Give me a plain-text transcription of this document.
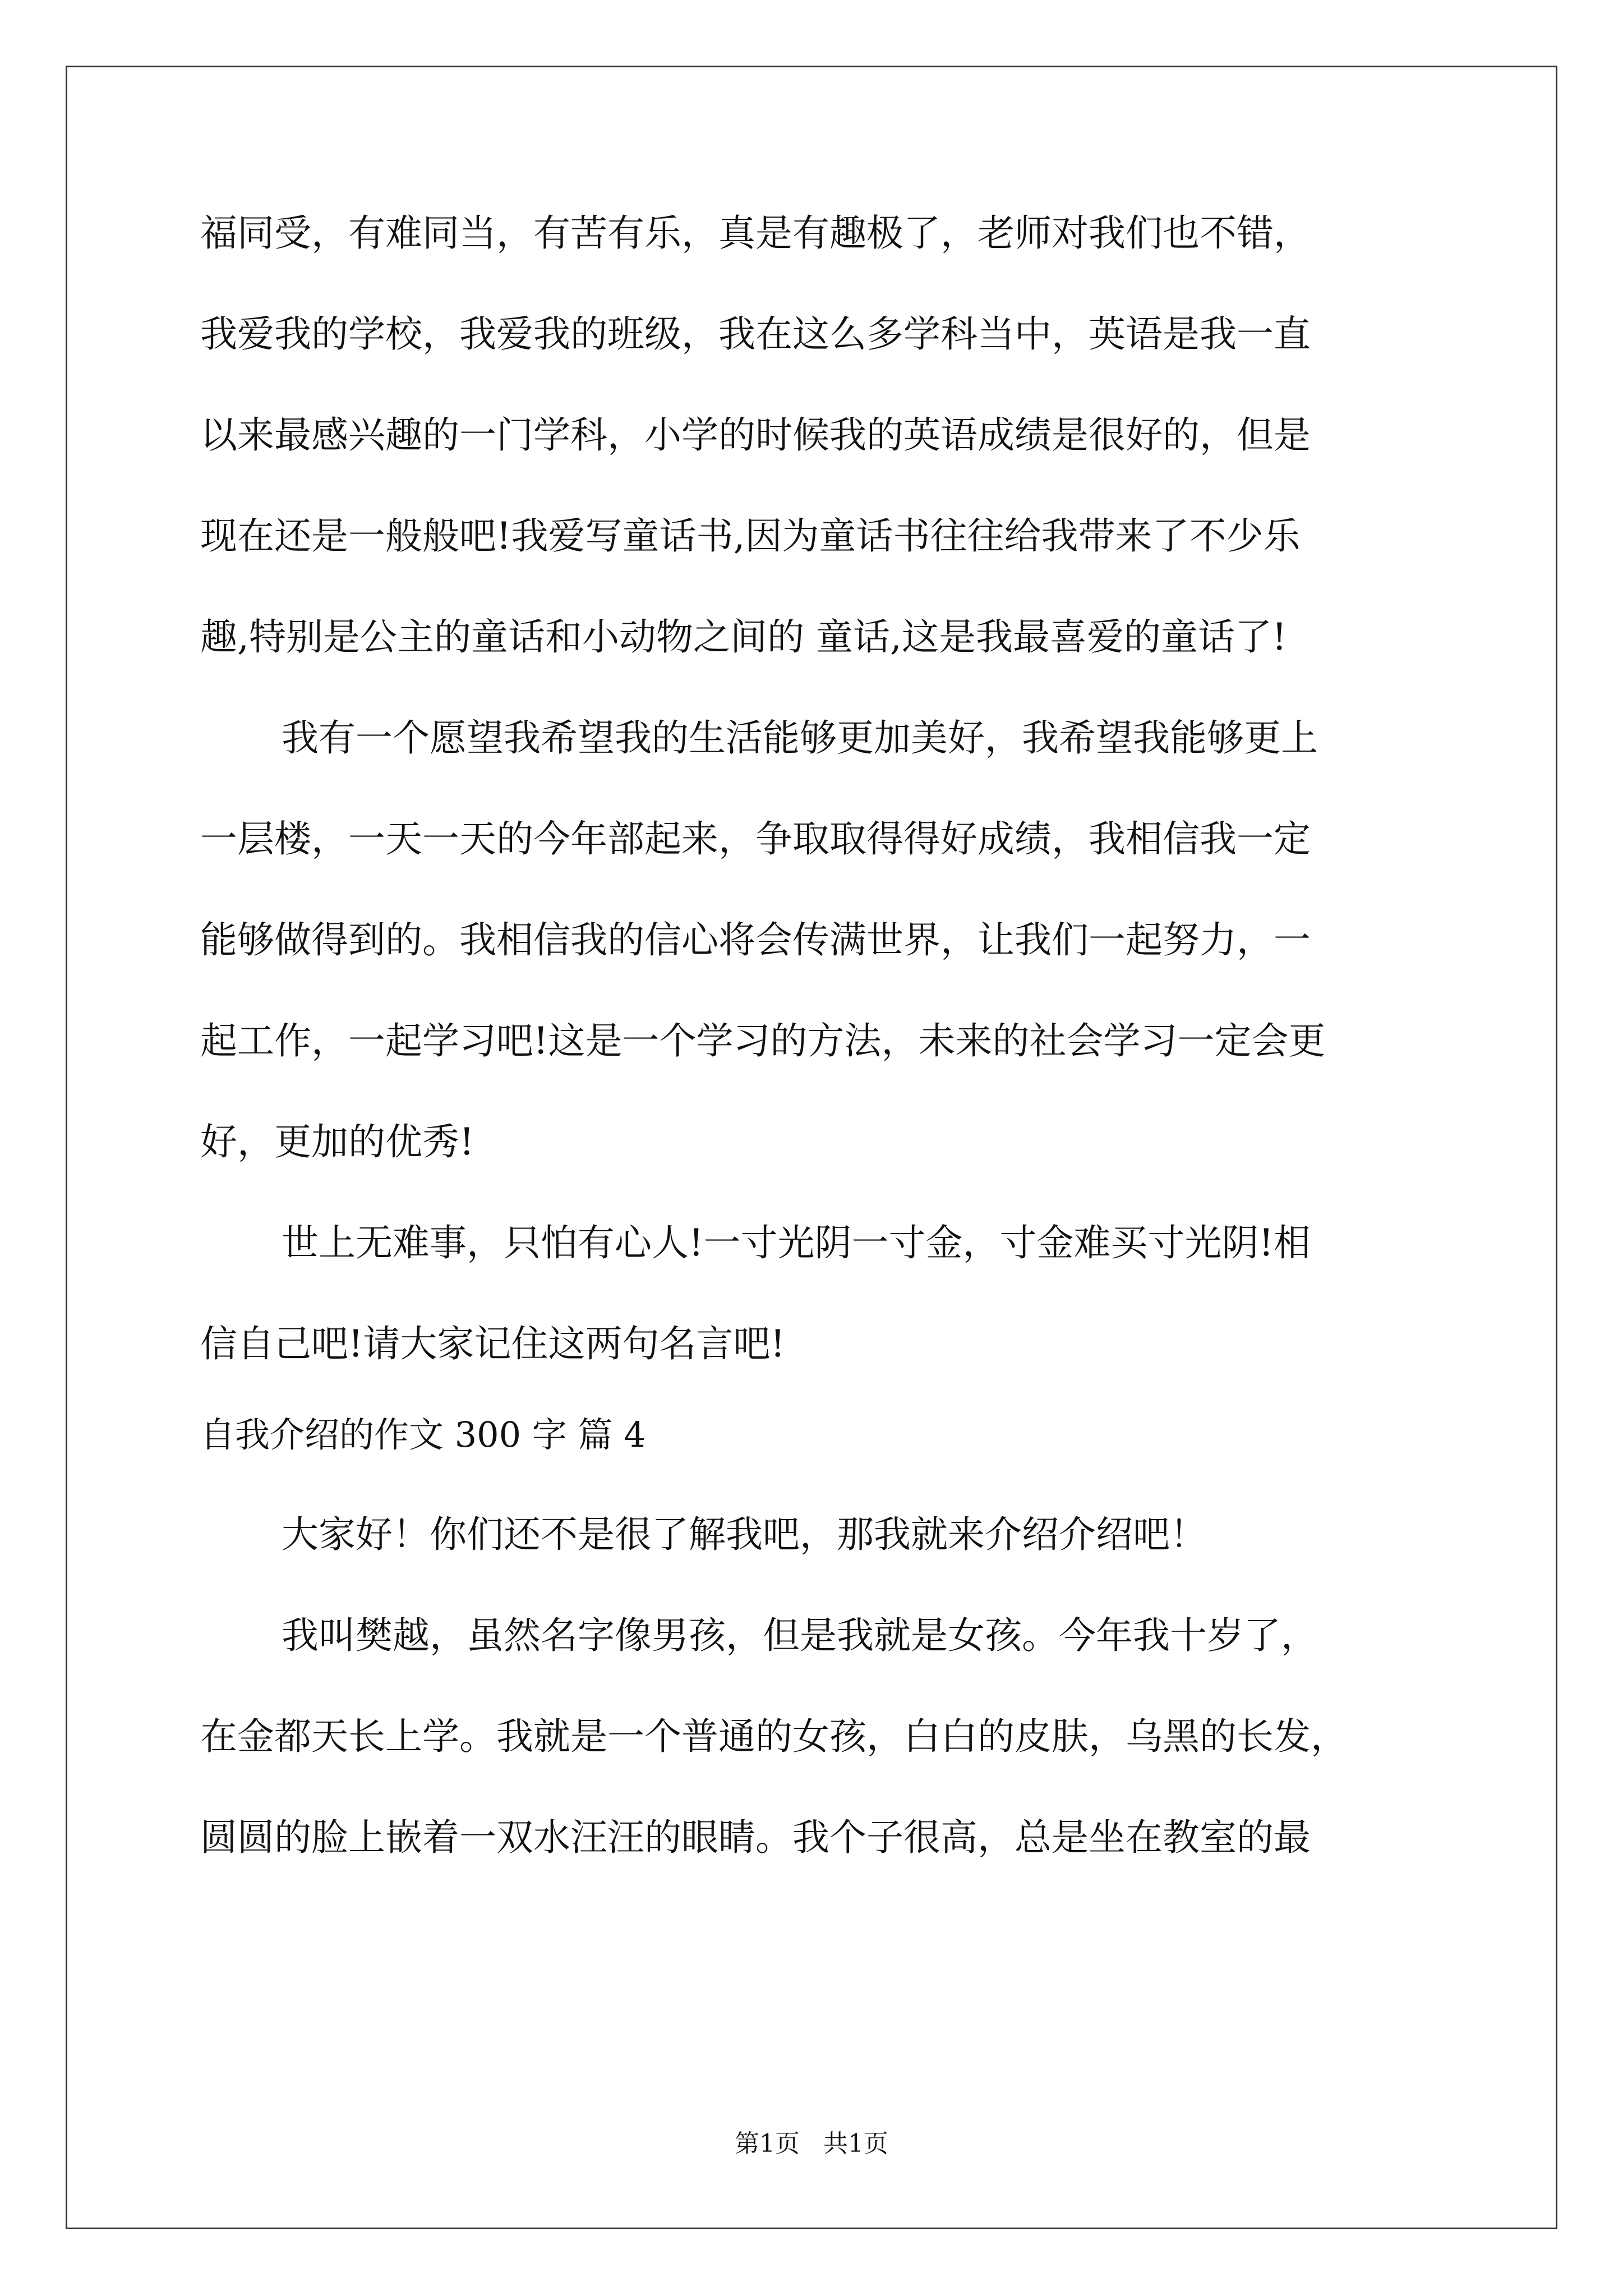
福同受，有难同当，有苦有乐，真是有趣极了，老师对我们也不错，
我爱我的学校，我爱我的班级，我在这么多学科当中，英语是我一直
以来最感兴趣的一门学科，小学的时候我的英语成绩是很好的，但是
现在还是一般般吧!我爱写童话书,因为童话书往往给我带来了不少乐
趣,特别是公主的童话和小动物之间的 童话,这是我最喜爱的童话了!
我有一个愿望我希望我的生活能够更加美好，我希望我能够更上
一层楼，一天一天的今年部起来，争取取得得好成绩，我相信我一定
能够做得到的。我相信我的信心将会传满世界，让我们一起努力，一
起工作，一起学习吧!这是一个学习的方法，未来的社会学习一定会更
好，更加的优秀!
世上无难事，只怕有心人!一寸光阴一寸金，寸金难买寸光阴!相
信自己吧!请大家记住这两句名言吧!
自我介绍的作文 300 字 篇 4
大家好！你们还不是很了解我吧，那我就来介绍介绍吧！
我叫樊越，虽然名字像男孩，但是我就是女孩。今年我十岁了，
在金都天长上学。我就是一个普通的女孩，白白的皮肤，乌黑的长发，
圆圆的脸上嵌着一双水汪汪的眼睛。我个子很高，总是坐在教室的最
第1页   共1页
